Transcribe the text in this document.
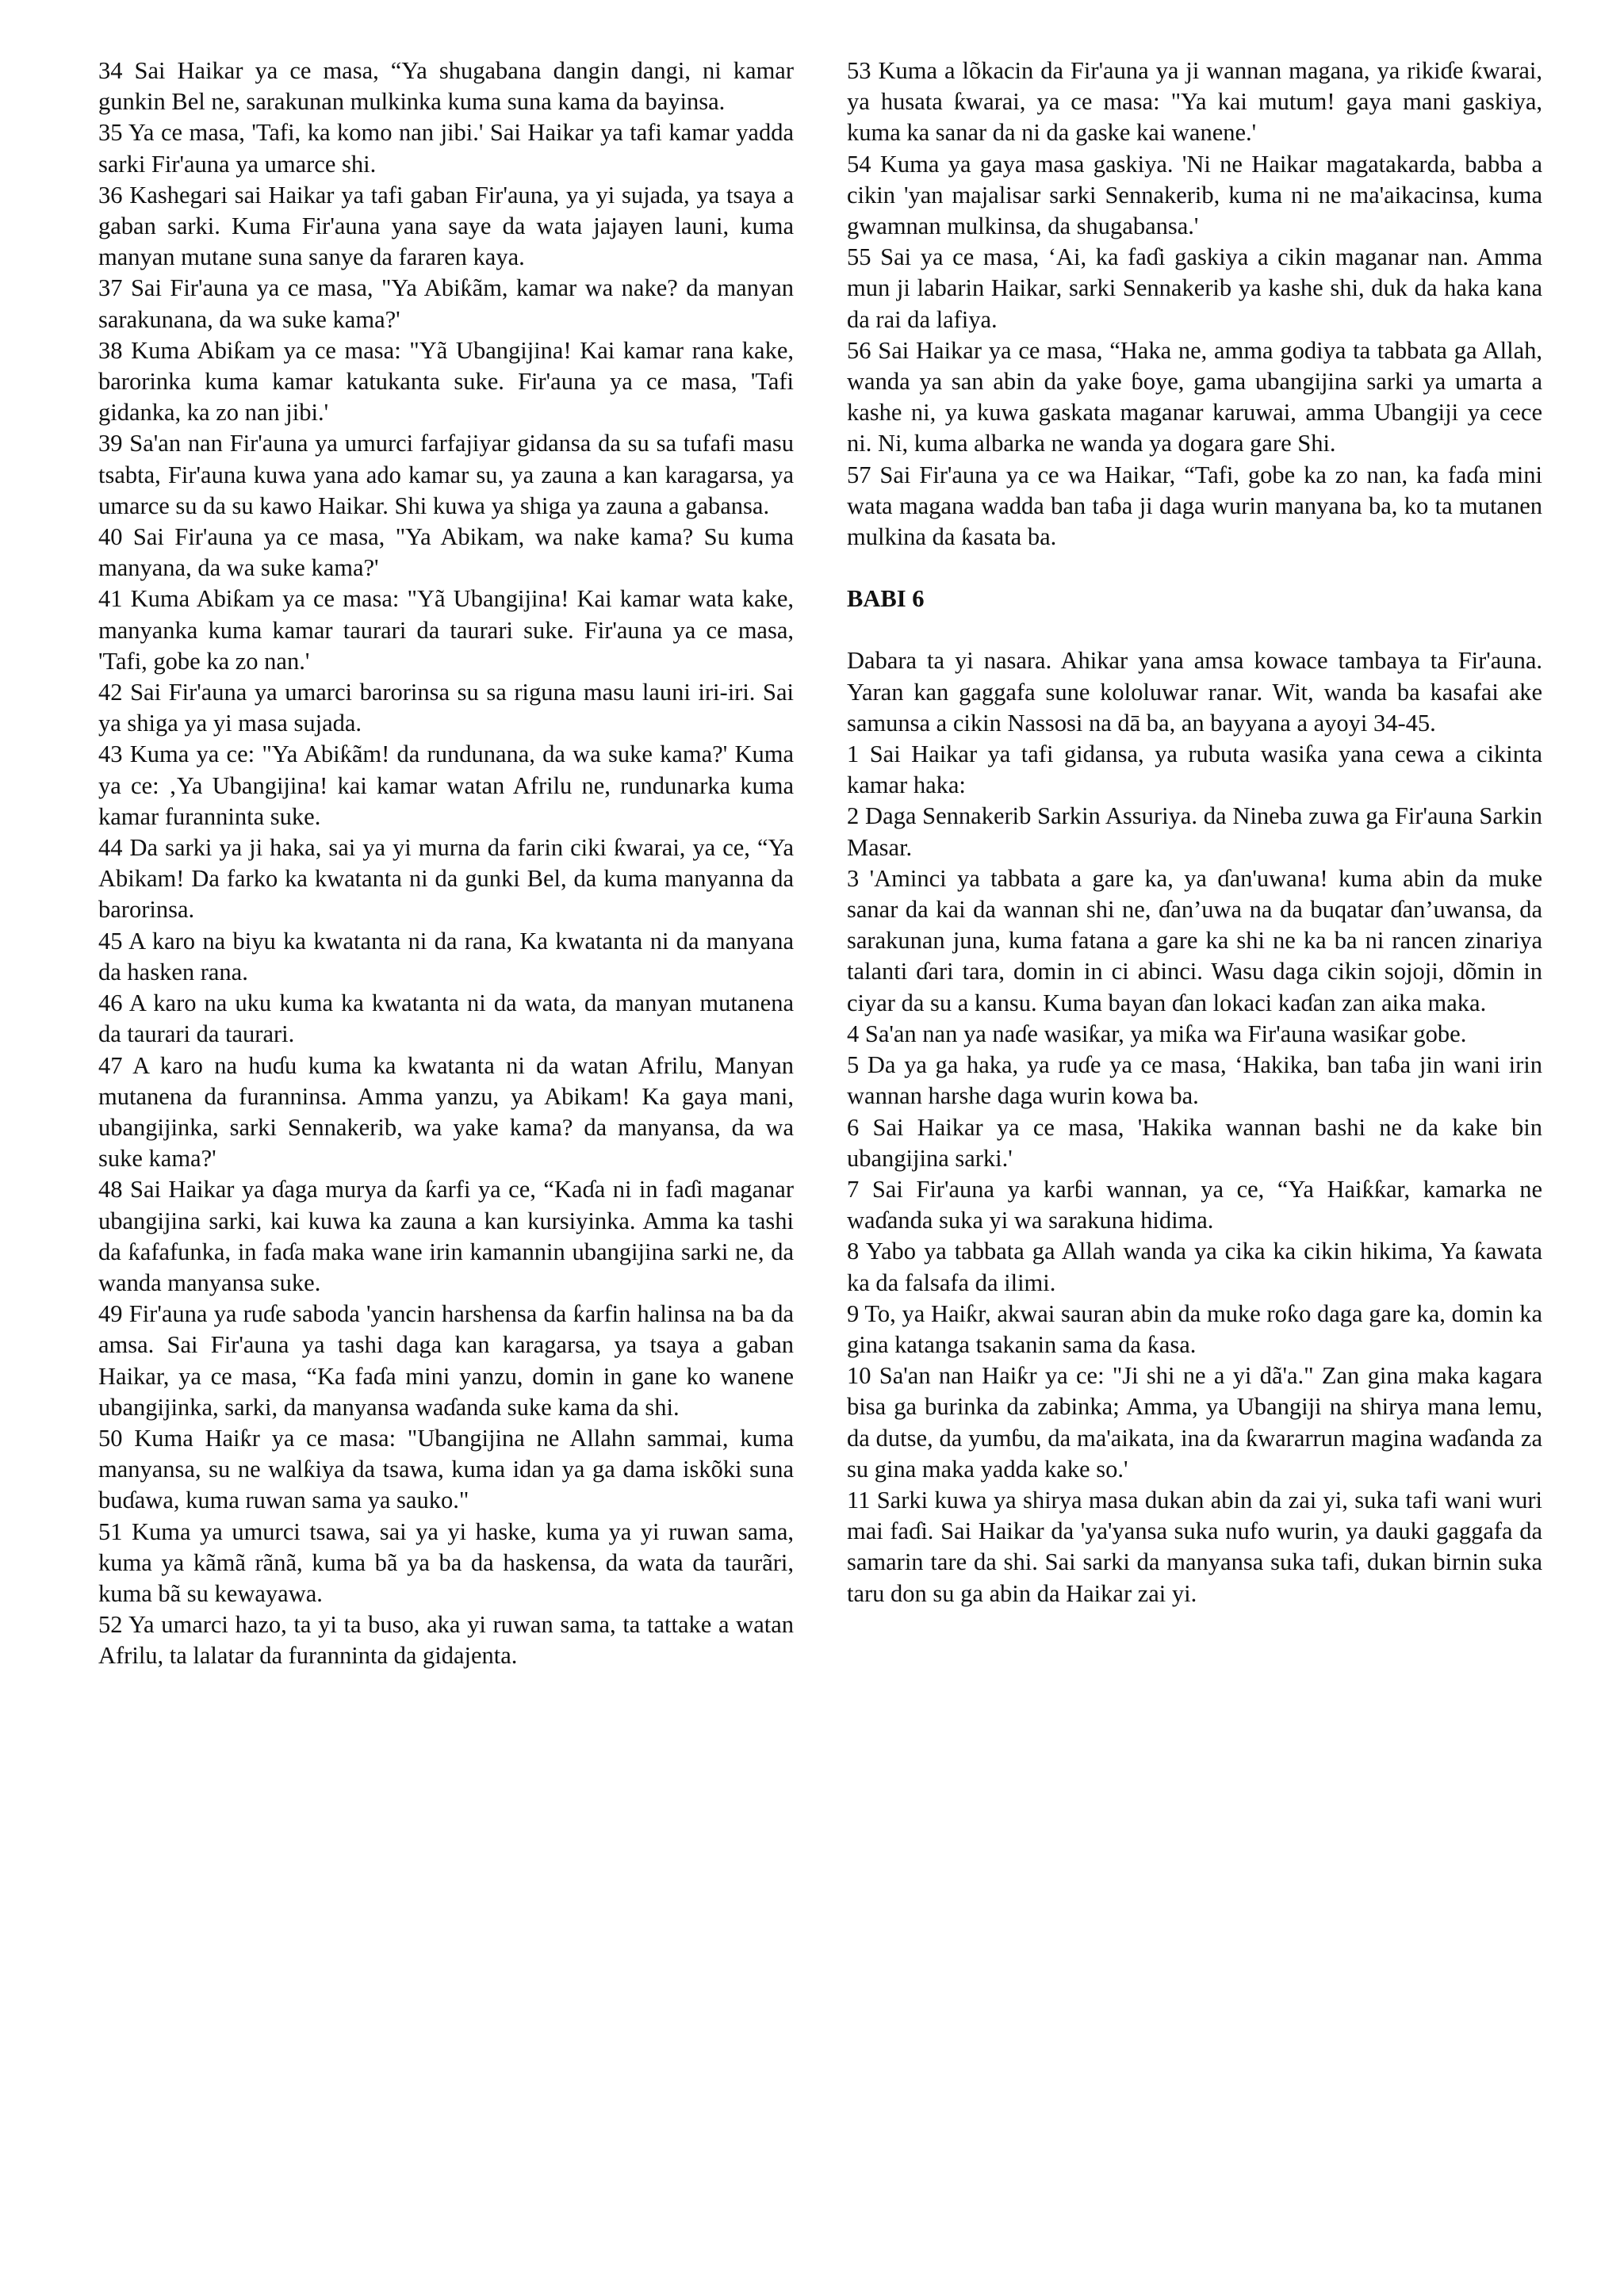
34 Sai Haikar ya ce masa, “Ya shugabana dangin dangi, ni kamar gunkin Bel ne, sarakunan mulkinka kuma suna kama da bayinsa.

35 Ya ce masa, 'Tafi, ka komo nan jibi.' Sai Haikar ya tafi kamar yadda sarki Fir'auna ya umarce shi.

36 Kashegari sai Haikar ya tafi gaban Fir'auna, ya yi sujada, ya tsaya a gaban sarki. Kuma Fir'auna yana saye da wata jajayen launi, kuma manyan mutane suna sanye da fararen kaya.

37 Sai Fir'auna ya ce masa, "Ya Abiƙãm, kamar wa nake? da manyan sarakunana, da wa suke kama?'

38 Kuma Abiƙam ya ce masa: "Yã Ubangijina! Kai kamar rana kake, barorinka kuma kamar katukanta suke. Fir'auna ya ce masa, 'Tafi gidanka, ka zo nan jibi.'

39 Sa'an nan Fir'auna ya umurci farfajiyar gidansa da su sa tufafi masu tsabta, Fir'auna kuwa yana ado kamar su, ya zauna a kan karagarsa, ya umarce su da su kawo Haikar. Shi kuwa ya shiga ya zauna a gabansa.

40 Sai Fir'auna ya ce masa, "Ya Abikam, wa nake kama? Su kuma manyana, da wa suke kama?'

41 Kuma Abiƙam ya ce masa: "Yã Ubangijina! Kai kamar wata kake, manyanka kuma kamar taurari da taurari suke. Fir'auna ya ce masa, 'Tafi, gobe ka zo nan.'

42 Sai Fir'auna ya umarci barorinsa su sa riguna masu launi iri-iri. Sai ya shiga ya yi masa sujada.

43 Kuma ya ce: "Ya Abiƙãm! da rundunana, da wa suke kama?' Kuma ya ce: ‚Ya Ubangijina! kai kamar watan Afrilu ne, rundunarka kuma kamar furanninta suke.

44 Da sarki ya ji haka, sai ya yi murna da farin ciki ƙwarai, ya ce, “Ya Abikam! Da farko ka kwatanta ni da gunki Bel, da kuma manyanna da barorinsa.

45 A karo na biyu ka kwatanta ni da rana, Ka kwatanta ni da manyana da hasken rana.

46 A karo na uku kuma ka kwatanta ni da wata, da manyan mutanena da taurari da taurari.

47 A karo na huɗu kuma ka kwatanta ni da watan Afrilu, Manyan mutanena da furanninsa. Amma yanzu, ya Abikam! Ka gaya mani, ubangijinka, sarki Sennakerib, wa yake kama? da manyansa, da wa suke kama?'

48 Sai Haikar ya ɗaga murya da ƙarfi ya ce, “Kaɗa ni in faɗi maganar ubangijina sarki, kai kuwa ka zauna a kan kursiyinka. Amma ka tashi da ƙafafunka, in faɗa maka wane irin kamannin ubangijina sarki ne, da wanda manyansa suke.

49 Fir'auna ya ruɗe saboda 'yancin harshensa da ƙarfin halinsa na ba da amsa. Sai Fir'auna ya tashi daga kan karagarsa, ya tsaya a gaban Haikar, ya ce masa, “Ka faɗa mini yanzu, domin in gane ko wanene ubangijinka, sarki, da manyansa waɗanda suke kama da shi.

50 Kuma Haiƙr ya ce masa: "Ubangijina ne Allahn sammai, kuma manyansa, su ne walƙiya da tsawa, kuma idan ya ga dama iskõki suna buɗawa, kuma ruwan sama ya sauko."

51 Kuma ya umurci tsawa, sai ya yi haske, kuma ya yi ruwan sama, kuma ya kãmã rãnã, kuma bã ya ba da haskensa, da wata da taurãri, kuma bã su kewayawa.

52 Ya umarci hazo, ta yi ta buso, aka yi ruwan sama, ta tattake a watan Afrilu, ta lalatar da furanninta da gidajenta.

53 Kuma a lõkacin da Fir'auna ya ji wannan magana, ya rikiɗe ƙwarai, ya husata ƙwarai, ya ce masa: "Ya kai mutum! gaya mani gaskiya, kuma ka sanar da ni da gaske kai wanene.'

54 Kuma ya gaya masa gaskiya. 'Ni ne Haikar magatakarda, babba a cikin 'yan majalisar sarki Sennakerib, kuma ni ne ma'aikacinsa, kuma gwamnan mulkinsa, da shugabansa.'

55 Sai ya ce masa, ‘Ai, ka faɗi gaskiya a cikin maganar nan. Amma mun ji labarin Haikar, sarki Sennakerib ya kashe shi, duk da haka kana da rai da lafiya.

56 Sai Haikar ya ce masa, “Haka ne, amma godiya ta tabbata ga Allah, wanda ya san abin da yake ɓoye, gama ubangijina sarki ya umarta a kashe ni, ya kuwa gaskata maganar karuwai, amma Ubangiji ya cece ni. Ni, kuma albarka ne wanda ya dogara gare Shi.

57 Sai Fir'auna ya ce wa Haikar, “Tafi, gobe ka zo nan, ka faɗa mini wata magana wadda ban taɓa ji daga wurin manyana ba, ko ta mutanen mulkina da ƙasata ba.

BABI 6

Dabara ta yi nasara. Ahikar yana amsa kowace tambaya ta Fir'auna. Yaran kan gaggafa sune kololuwar ranar. Wit, wanda ba kasafai ake samunsa a cikin Nassosi na dā ba, an bayyana a ayoyi 34-45.

1 Sai Haikar ya tafi gidansa, ya rubuta wasiƙa yana cewa a cikinta kamar haka:

2 Daga Sennakerib Sarkin Assuriya. da Nineba zuwa ga Fir'auna Sarkin Masar.

3 'Aminci ya tabbata a gare ka, ya ɗan'uwana! kuma abin da muke sanar da kai da wannan shi ne, ɗan’uwa na da buqatar ɗan’uwansa, da sarakunan juna, kuma fatana a gare ka shi ne ka ba ni rancen zinariya talanti ɗari tara, domin in ci abinci. Wasu daga cikin sojoji, dõmin in ciyar da su a kansu. Kuma bayan ɗan lokaci kaɗan zan aika maka.

4 Sa'an nan ya naɗe wasiƙar, ya miƙa wa Fir'auna wasiƙar gobe.

5 Da ya ga haka, ya ruɗe ya ce masa, ‘Hakika, ban taɓa jin wani irin wannan harshe daga wurin kowa ba.

6 Sai Haikar ya ce masa, 'Hakika wannan bashi ne da kake bin ubangijina sarki.'

7 Sai Fir'auna ya karɓi wannan, ya ce, “Ya Haiƙƙar, kamarka ne waɗanda suka yi wa sarakuna hidima.

8 Yabo ya tabbata ga Allah wanda ya cika ka cikin hikima, Ya ƙawata ka da falsafa da ilimi.

9 To, ya Haiƙr, akwai sauran abin da muke roƙo daga gare ka, domin ka gina katanga tsakanin sama da ƙasa.

10 Sa'an nan Haiƙr ya ce: "Ji shi ne a yi dã'a." Zan gina maka kagara bisa ga burinka da zabinka; Amma, ya Ubangiji na shirya mana lemu, da dutse, da yumɓu, da ma'aikata, ina da ƙwararrun magina waɗanda za su gina maka yadda kake so.'

11 Sarki kuwa ya shirya masa dukan abin da zai yi, suka tafi wani wuri mai faɗi. Sai Haikar da 'ya'yansa suka nufo wurin, ya dauki gaggafa da samarin tare da shi. Sai sarki da manyansa suka tafi, dukan birnin suka taru don su ga abin da Haikar zai yi.
